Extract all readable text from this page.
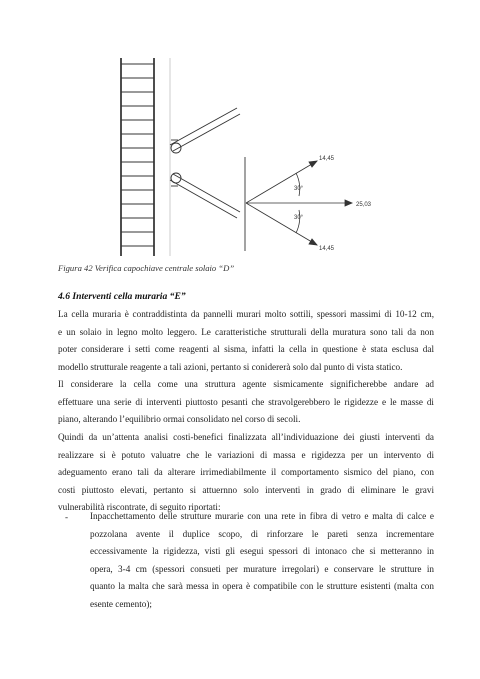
14,45
25,03
14,45
30°
30°
Figura 42 Verifica capochiave centrale solaio “D”
4.6 Interventi cella muraria “E”
La cella muraria è contraddistinta da pannelli murari molto sottili, spessori massimi di 10-12 cm,
e un solaio in legno molto leggero. Le caratteristiche strutturali della muratura sono tali da non
poter considerare i setti come reagenti al sisma, infatti la cella in questione è stata esclusa dal
modello strutturale reagente a tali azioni, pertanto si conidererà solo dal punto di vista statico.
Il considerare la cella come una struttura agente sismicamente significherebbe andare ad
effettuare una serie di interventi piuttosto pesanti che stravolgerebbero le rigidezze e le masse di
piano, alterando l’equilibrio ormai consolidato nel corso di secoli.
Quindi da un’attenta analisi costi-benefici finalizzata all’individuazione dei giusti interventi da
realizzare si è potuto valuatre che le variazioni di massa e rigidezza per un intervento di
adeguamento erano tali da alterare irrimediabilmente il comportamento sismico del piano, con
costi piuttosto elevati, pertanto si attuernno solo interventi in grado di eliminare le gravi
vulnerabilità riscontrate, di seguito riportati:
- Inpacchettamento delle strutture murarie con una rete in fibra di vetro e malta di calce e
pozzolana avente il duplice scopo, di rinforzare le pareti senza incrementare
eccessivamente la rigidezza, visti gli esegui spessori di intonaco che si metteranno in
opera, 3-4 cm (spessori consueti per murature irregolari) e conservare le strutture in
quanto la malta che sarà messa in opera è compatibile con le strutture esistenti (malta con
esente cemento);
